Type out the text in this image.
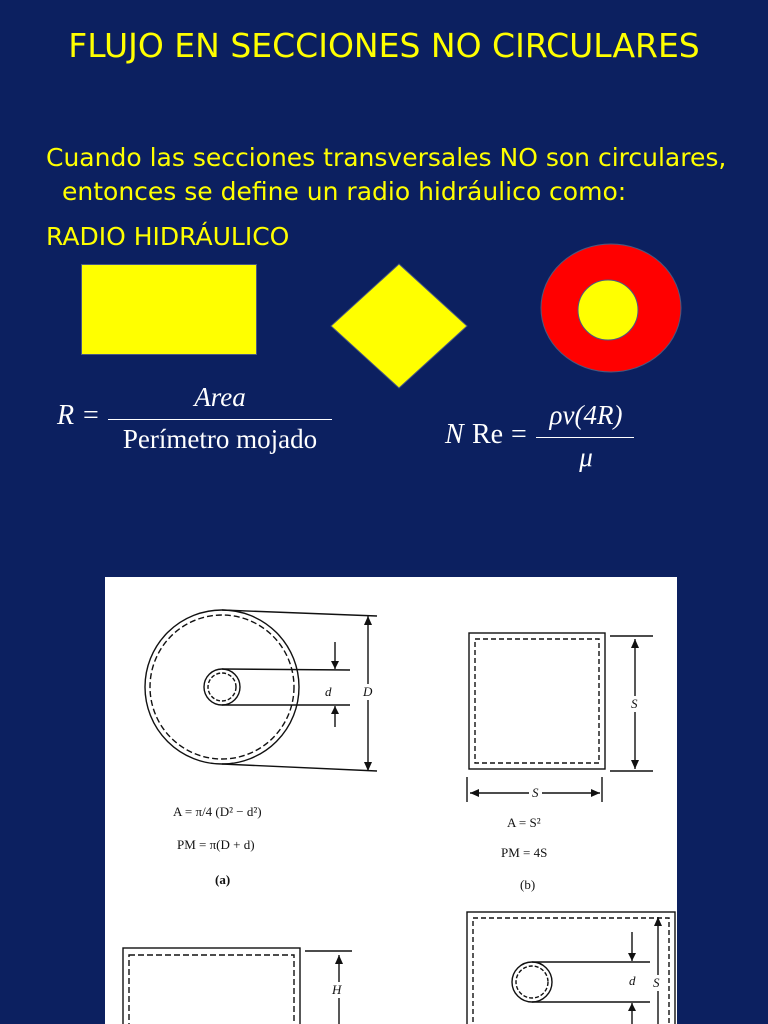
FLUJO EN SECCIONES NO CIRCULARES
Cuando las secciones transversales NO son circulares,
entonces se define un radio hidráulico como:
RADIO HIDRÁULICO
R =
Area
Perímetro mojado	N Re =
ρv(4R)
μ
d D
A = π/4 (D² − d²)
PM = π(D + d)
(a)
S
S
A = S²
PM = 4S
(b)
H
d S
